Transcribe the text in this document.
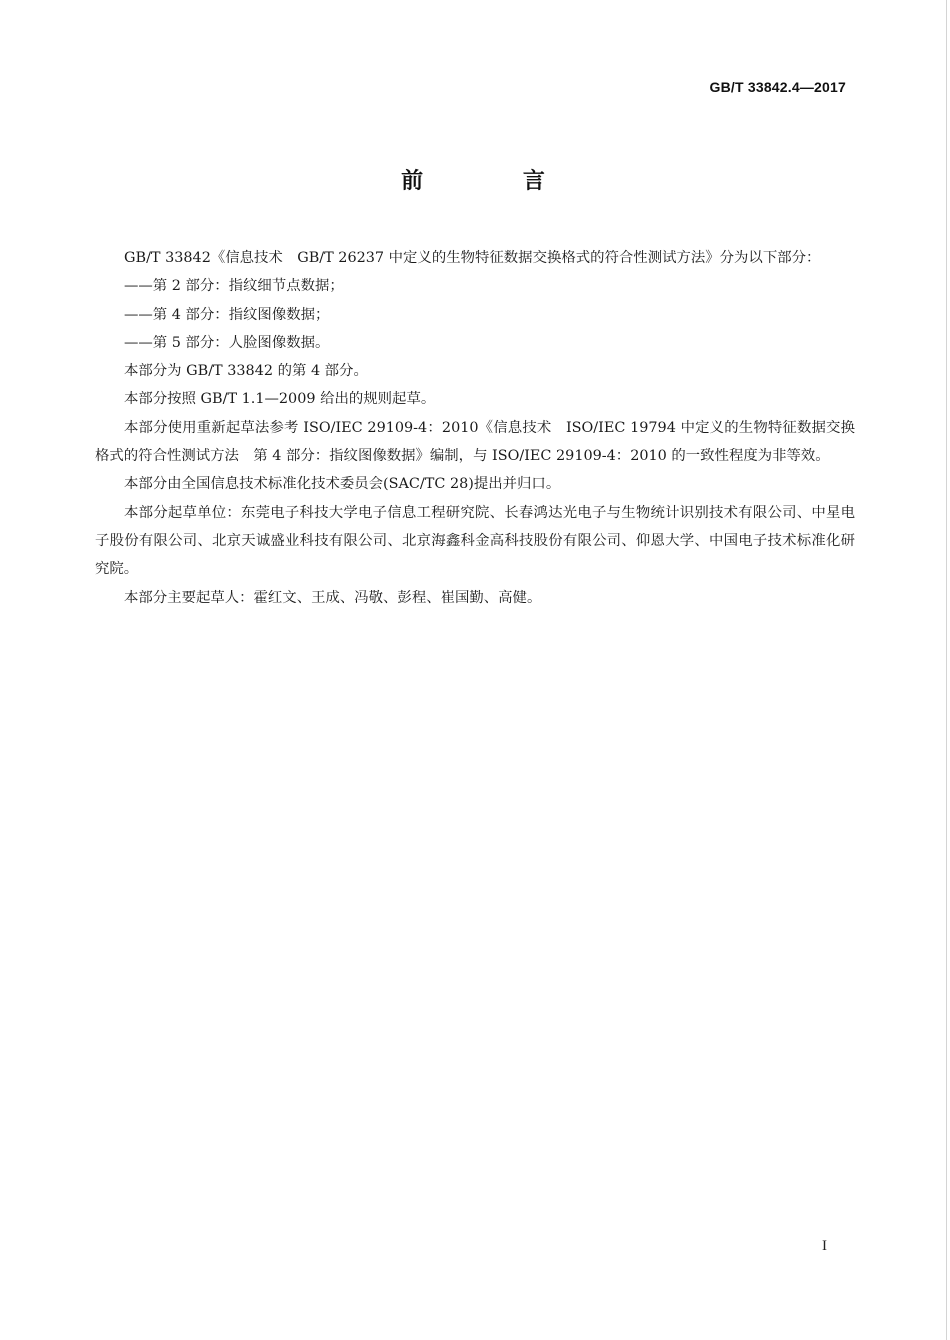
GB/T 33842.4—2017
前 言

GB/T 33842《信息技术　GB/T 26237 中定义的生物特征数据交换格式的符合性测试方法》分为以下部分：

——第 2 部分：指纹细节点数据；

——第 4 部分：指纹图像数据；

——第 5 部分：人脸图像数据。

本部分为 GB/T 33842 的第 4 部分。

本部分按照 GB/T 1.1—2009 给出的规则起草。

本部分使用重新起草法参考 ISO/IEC 29109-4：2010《信息技术　ISO/IEC 19794 中定义的生物特征数据交换格式的符合性测试方法　第 4 部分：指纹图像数据》编制，与 ISO/IEC 29109-4：2010 的一致性程度为非等效。

本部分由全国信息技术标准化技术委员会(SAC/TC 28)提出并归口。

本部分起草单位：东莞电子科技大学电子信息工程研究院、长春鸿达光电子与生物统计识别技术有限公司、中星电子股份有限公司、北京天诚盛业科技有限公司、北京海鑫科金高科技股份有限公司、仰恩大学、中国电子技术标准化研究院。

本部分主要起草人：霍红文、王成、冯敬、彭程、崔国勤、高健。

I
